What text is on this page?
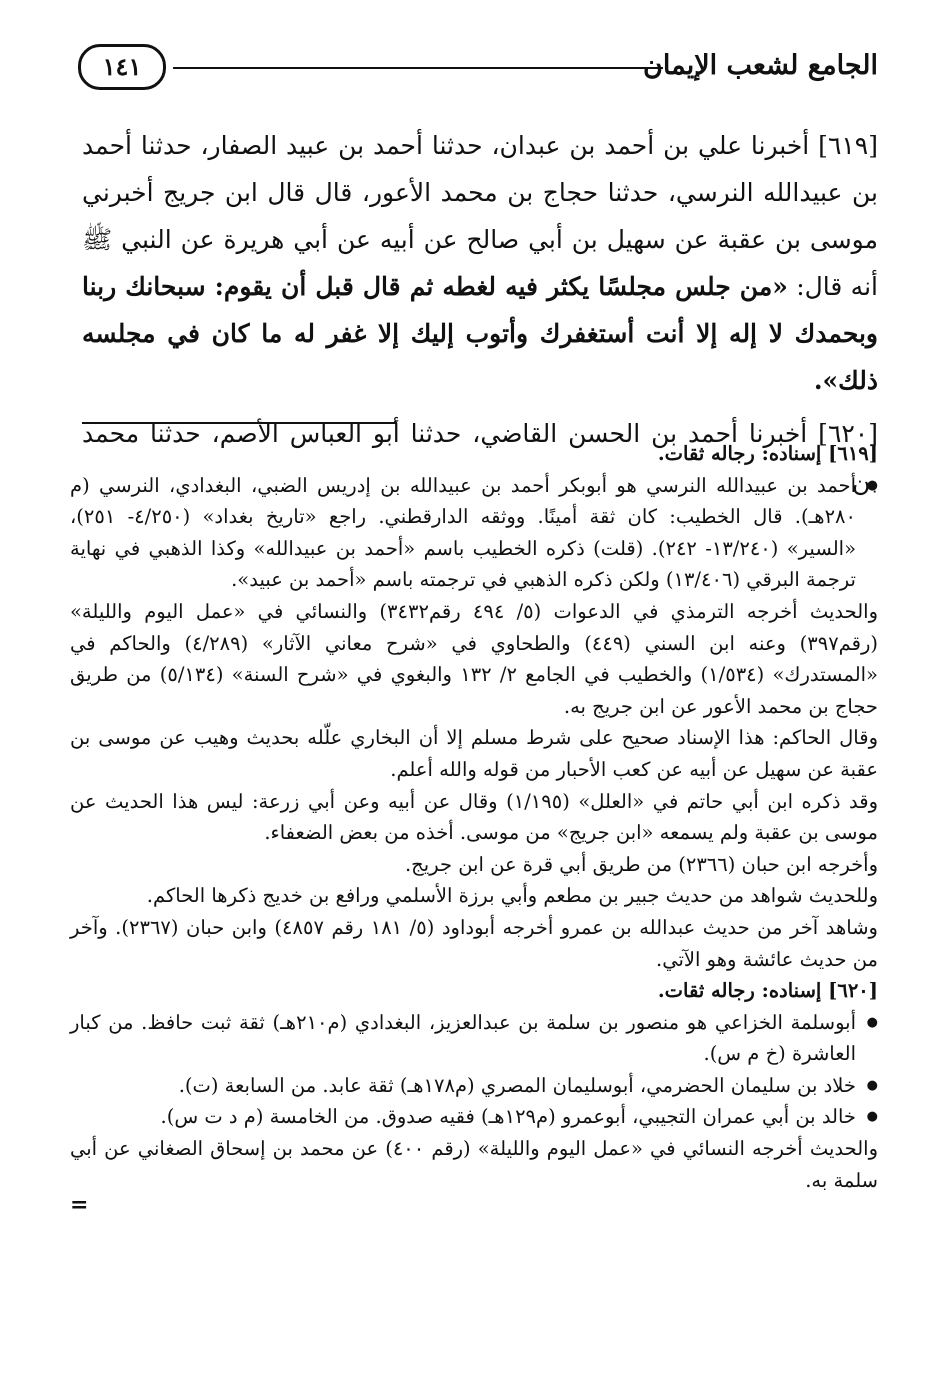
الجامع لشعب الإيمان
١٤١

[٦١٩] أخبرنا علي بن أحمد بن عبدان، حدثنا أحمد بن عبيد الصفار، حدثنا أحمد بن عبيدالله النرسي، حدثنا حجاج بن محمد الأعور، قال قال ابن جريج أخبرني موسى بن عقبة عن سهيل بن أبي صالح عن أبيه عن أبي هريرة عن النبي ﷺ أنه قال: «من جلس مجلسًا يكثر فيه لغطه ثم قال قبل أن يقوم: سبحانك ربنا وبحمدك لا إله إلا أنت أستغفرك وأتوب إليك إلا غفر له ما كان في مجلسه ذلك».

[٦٢٠] أخبرنا أحمد بن الحسن القاضي، حدثنا أبو العباس الأصم، حدثنا محمد بن

[٦١٩] إسناده: رجاله ثقات.

● أحمد بن عبيدالله النرسي هو أبوبكر أحمد بن عبيدالله بن إدريس الضبي، البغدادي، النرسي (م ٢٨٠هـ). قال الخطيب: كان ثقة أمينًا. ووثقه الدارقطني. راجع «تاريخ بغداد» (٤/٢٥٠- ٢٥١)، «السير» (١٣/٢٤٠- ٢٤٢). (قلت) ذكره الخطيب باسم «أحمد بن عبيدالله» وكذا الذهبي في نهاية ترجمة البرقي (١٣/٤٠٦) ولكن ذكره الذهبي في ترجمته باسم «أحمد بن عبيد».

والحديث أخرجه الترمذي في الدعوات (٥/ ٤٩٤ رقم٣٤٣٢) والنسائي في «عمل اليوم والليلة» (رقم٣٩٧) وعنه ابن السني (٤٤٩) والطحاوي في «شرح معاني الآثار» (٤/٢٨٩) والحاكم في «المستدرك» (١/٥٣٤) والخطيب في الجامع ٢/ ١٣٢ والبغوي في «شرح السنة» (٥/١٣٤) من طريق حجاج بن محمد الأعور عن ابن جريج به.

وقال الحاكم: هذا الإسناد صحيح على شرط مسلم إلا أن البخاري علّله بحديث وهيب عن موسى بن عقبة عن سهيل عن أبيه عن كعب الأحبار من قوله والله أعلم.

وقد ذكره ابن أبي حاتم في «العلل» (١/١٩٥) وقال عن أبيه وعن أبي زرعة: ليس هذا الحديث عن موسى بن عقبة ولم يسمعه «ابن جريج» من موسى. أخذه من بعض الضعفاء.

وأخرجه ابن حبان (٢٣٦٦) من طريق أبي قرة عن ابن جريج.

وللحديث شواهد من حديث جبير بن مطعم وأبي برزة الأسلمي ورافع بن خديج ذكرها الحاكم.

وشاهد آخر من حديث عبدالله بن عمرو أخرجه أبوداود (٥/ ١٨١ رقم ٤٨٥٧) وابن حبان (٢٣٦٧). وآخر من حديث عائشة وهو الآتي.

[٦٢٠] إسناده: رجاله ثقات.

● أبوسلمة الخزاعي هو منصور بن سلمة بن عبدالعزيز، البغدادي (م٢١٠هـ) ثقة ثبت حافظ. من كبار العاشرة (خ م س).

● خلاد بن سليمان الحضرمي، أبوسليمان المصري (م١٧٨هـ) ثقة عابد. من السابعة (ت).

● خالد بن أبي عمران التجيبي، أبوعمرو (م١٢٩هـ) فقيه صدوق. من الخامسة (م د ت س).

والحديث أخرجه النسائي في «عمل اليوم والليلة» (رقم ٤٠٠) عن محمد بن إسحاق الصغاني عن أبي سلمة به.

=
